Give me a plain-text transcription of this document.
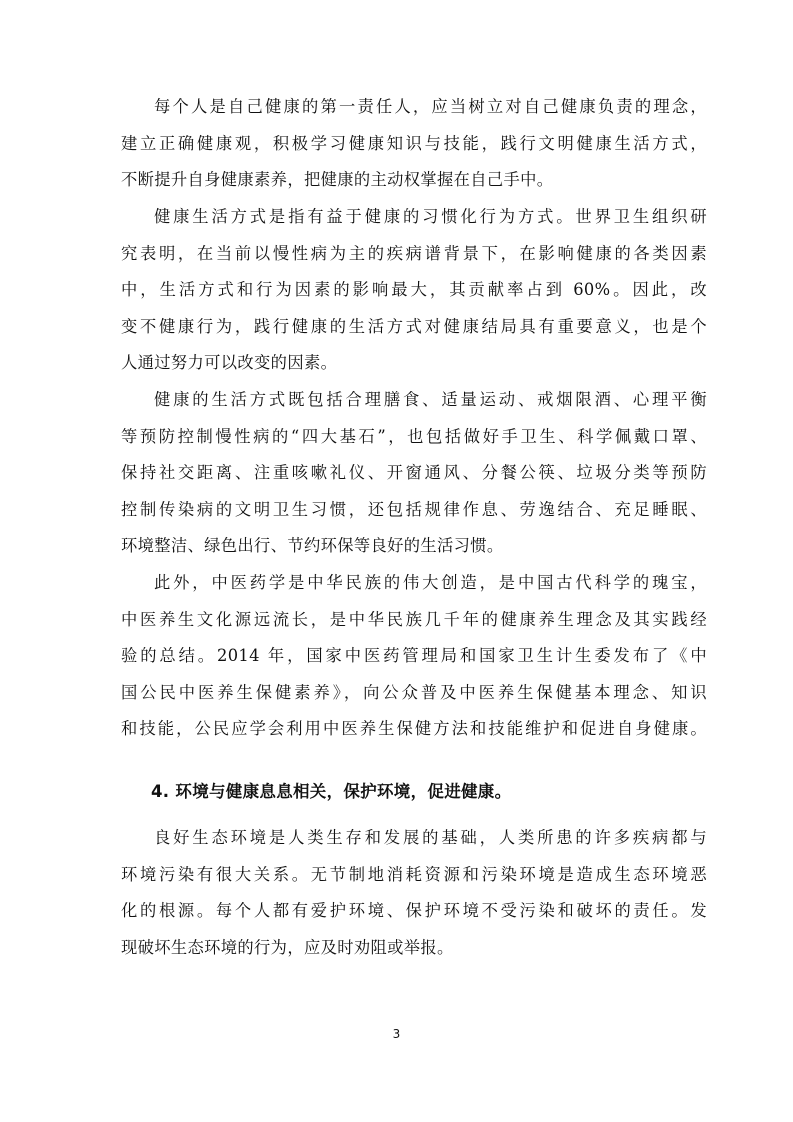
每个人是自己健康的第一责任人，应当树立对自己健康负责的理念，
建立正确健康观，积极学习健康知识与技能，践行文明健康生活方式，
不断提升自身健康素养，把健康的主动权掌握在自己手中。

健康生活方式是指有益于健康的习惯化行为方式。世界卫生组织研
究表明，在当前以慢性病为主的疾病谱背景下，在影响健康的各类因素
中，生活方式和行为因素的影响最大，其贡献率占到 60%。因此，改
变不健康行为，践行健康的生活方式对健康结局具有重要意义，也是个
人通过努力可以改变的因素。

健康的生活方式既包括合理膳食、适量运动、戒烟限酒、心理平衡
等预防控制慢性病的“四大基石”，也包括做好手卫生、科学佩戴口罩、
保持社交距离、注重咳嗽礼仪、开窗通风、分餐公筷、垃圾分类等预防
控制传染病的文明卫生习惯，还包括规律作息、劳逸结合、充足睡眠、
环境整洁、绿色出行、节约环保等良好的生活习惯。

此外，中医药学是中华民族的伟大创造，是中国古代科学的瑰宝，
中医养生文化源远流长，是中华民族几千年的健康养生理念及其实践经
验的总结。2014 年，国家中医药管理局和国家卫生计生委发布了《中
国公民中医养生保健素养》，向公众普及中医养生保健基本理念、知识
和技能，公民应学会利用中医养生保健方法和技能维护和促进自身健康。

4. 环境与健康息息相关，保护环境，促进健康。

良好生态环境是人类生存和发展的基础，人类所患的许多疾病都与
环境污染有很大关系。无节制地消耗资源和污染环境是造成生态环境恶
化的根源。每个人都有爱护环境、保护环境不受污染和破坏的责任。发
现破坏生态环境的行为，应及时劝阻或举报。

3
